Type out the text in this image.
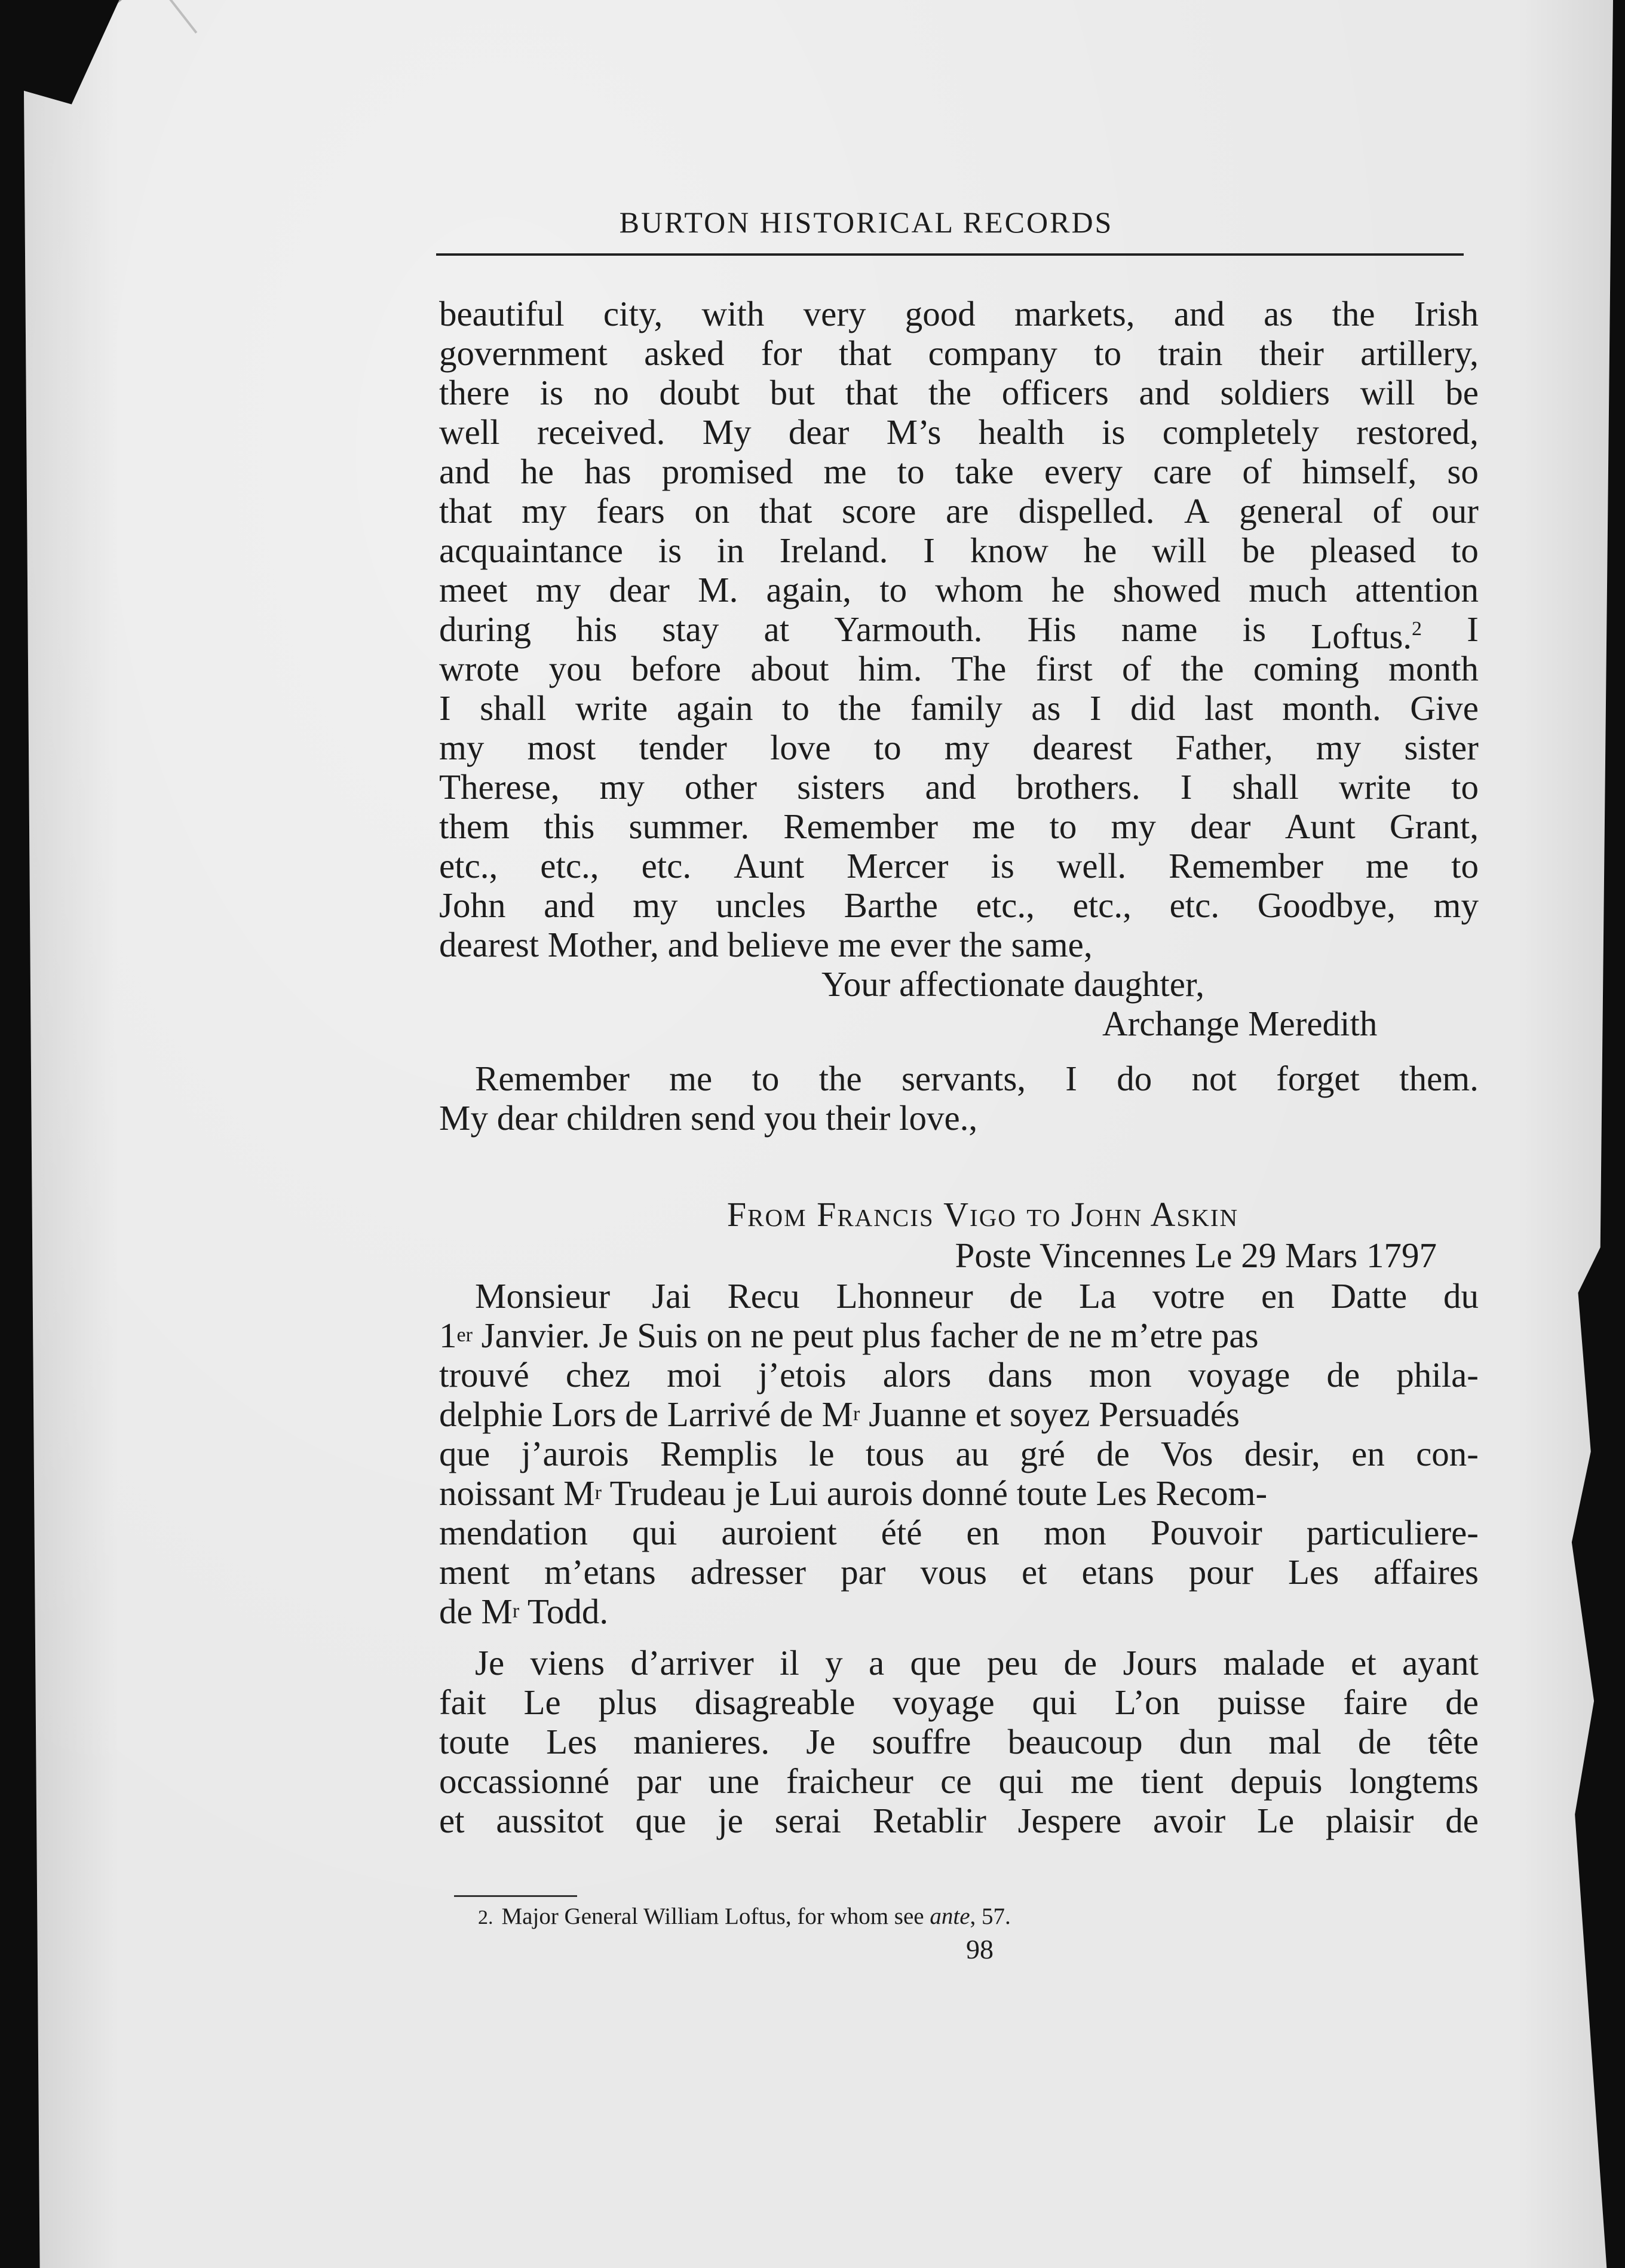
BURTON HISTORICAL RECORDS
beautiful city, with very good markets, and as the Irish
government asked for that company to train their artillery,
there is no doubt but that the officers and soldiers will be
well received. My dear M’s health is completely restored,
and he has promised me to take every care of himself, so
that my fears on that score are dispelled. A general of our
acquaintance is in Ireland. I know he will be pleased to
meet my dear M. again, to whom he showed much attention
during his stay at Yarmouth. His name is Loftus.$^2$ I
wrote you before about him. The first of the coming month
I shall write again to the family as I did last month. Give
my most tender love to my dearest Father, my sister
Therese, my other sisters and brothers. I shall write to
them this summer. Remember me to my dear Aunt Grant,
etc., etc., etc. Aunt Mercer is well. Remember me to
John and my uncles Barthe etc., etc., etc. Goodbye, my
dearest Mother, and believe me ever the same,
Your affectionate daughter,
Archange Meredith
Remember me to the servants, I do not forget them.
My dear children send you their love.,
From Francis Vigo to John Askin
Poste Vincennes Le 29 Mars 1797
Monsieur	Jai Recu Lhonneur de La votre en Datte du
1 er Janvier. Je Suis on ne peut plus facher de ne m’etre pas
trouvé chez moi j’etois alors dans mon voyage de phila-
delphie Lors de Larrivé de M r Juanne et soyez Persuadés
que j’aurois Remplis le tous au gré de Vos desir, en con-
noissant M r Trudeau je Lui aurois donné toute Les Recom-
mendation qui auroient été en mon Pouvoir particuliere-
ment m’etans adresser par vous et etans pour Les affaires
de M r Todd.
Je viens d’arriver il y a que peu de Jours malade et ayant
fait Le plus disagreable voyage qui L’on puisse faire de
toute Les manieres. Je souffre beaucoup dun mal de tête
occassionné par une fraicheur ce qui me tient depuis longtems
et aussitot que je serai Retablir Jespere avoir Le plaisir de
2. Major General William Loftus, for whom see ante, 57.
98
